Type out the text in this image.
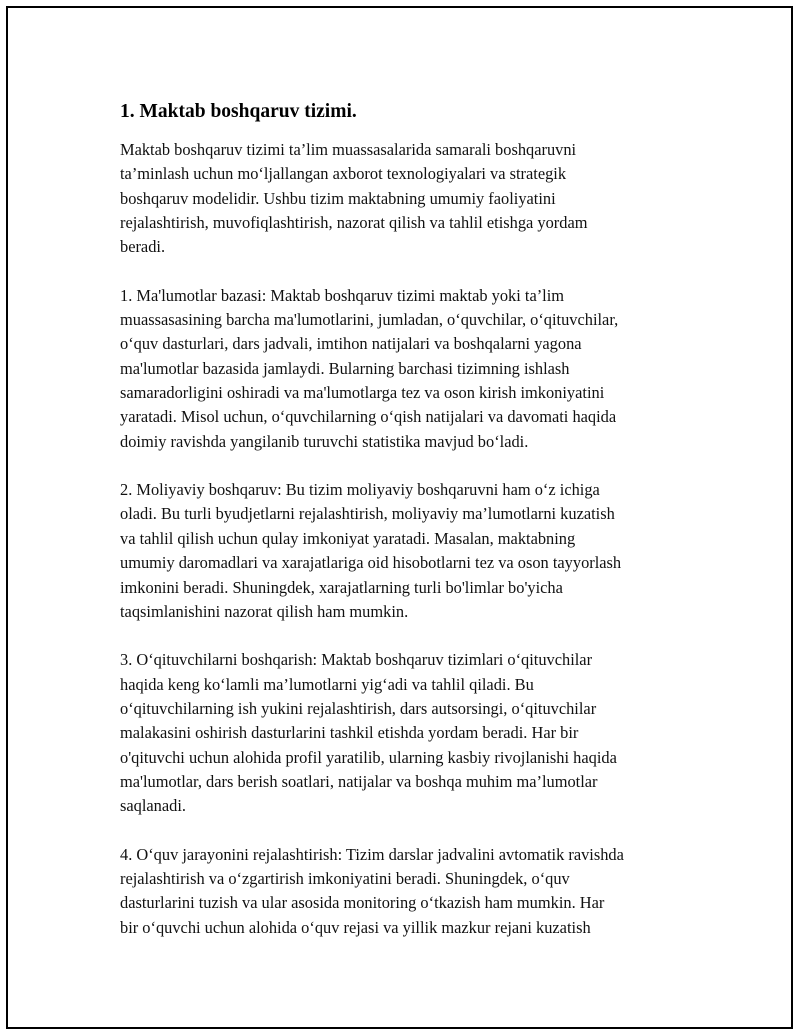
1. Maktab boshqaruv tizimi.

Maktab boshqaruv tizimi ta’lim muassasalarida samarali boshqaruvni
ta’minlash uchun moʻljallangan axborot texnologiyalari va strategik
boshqaruv modelidir. Ushbu tizim maktabning umumiy faoliyatini
rejalashtirish, muvofiqlashtirish, nazorat qilish va tahlil etishga yordam
beradi.

1. Ma'lumotlar bazasi: Maktab boshqaruv tizimi maktab yoki ta’lim
muassasasining barcha ma'lumotlarini, jumladan, oʻquvchilar, oʻqituvchilar,
oʻquv dasturlari, dars jadvali, imtihon natijalari va boshqalarni yagona
ma'lumotlar bazasida jamlaydi. Bularning barchasi tizimning ishlash
samaradorligini oshiradi va ma'lumotlarga tez va oson kirish imkoniyatini
yaratadi. Misol uchun, oʻquvchilarning oʻqish natijalari va davomati haqida
doimiy ravishda yangilanib turuvchi statistika mavjud boʻladi.

2. Moliyaviy boshqaruv: Bu tizim moliyaviy boshqaruvni ham oʻz ichiga
oladi. Bu turli byudjetlarni rejalashtirish, moliyaviy ma’lumotlarni kuzatish
va tahlil qilish uchun qulay imkoniyat yaratadi. Masalan, maktabning
umumiy daromadlari va xarajatlariga oid hisobotlarni tez va oson tayyorlash
imkonini beradi. Shuningdek, xarajatlarning turli bo'limlar bo'yicha
taqsimlanishini nazorat qilish ham mumkin.

3. Oʻqituvchilarni boshqarish: Maktab boshqaruv tizimlari oʻqituvchilar
haqida keng koʻlamli ma’lumotlarni yigʻadi va tahlil qiladi. Bu
oʻqituvchilarning ish yukini rejalashtirish, dars autsorsingi, oʻqituvchilar
malakasini oshirish dasturlarini tashkil etishda yordam beradi. Har bir
o'qituvchi uchun alohida profil yaratilib, ularning kasbiy rivojlanishi haqida
ma'lumotlar, dars berish soatlari, natijalar va boshqa muhim ma’lumotlar
saqlanadi.

4. Oʻquv jarayonini rejalashtirish: Tizim darslar jadvalini avtomatik ravishda
rejalashtirish va oʻzgartirish imkoniyatini beradi. Shuningdek, oʻquv
dasturlarini tuzish va ular asosida monitoring oʻtkazish ham mumkin. Har
bir oʻquvchi uchun alohida oʻquv rejasi va yillik mazkur rejani kuzatish
